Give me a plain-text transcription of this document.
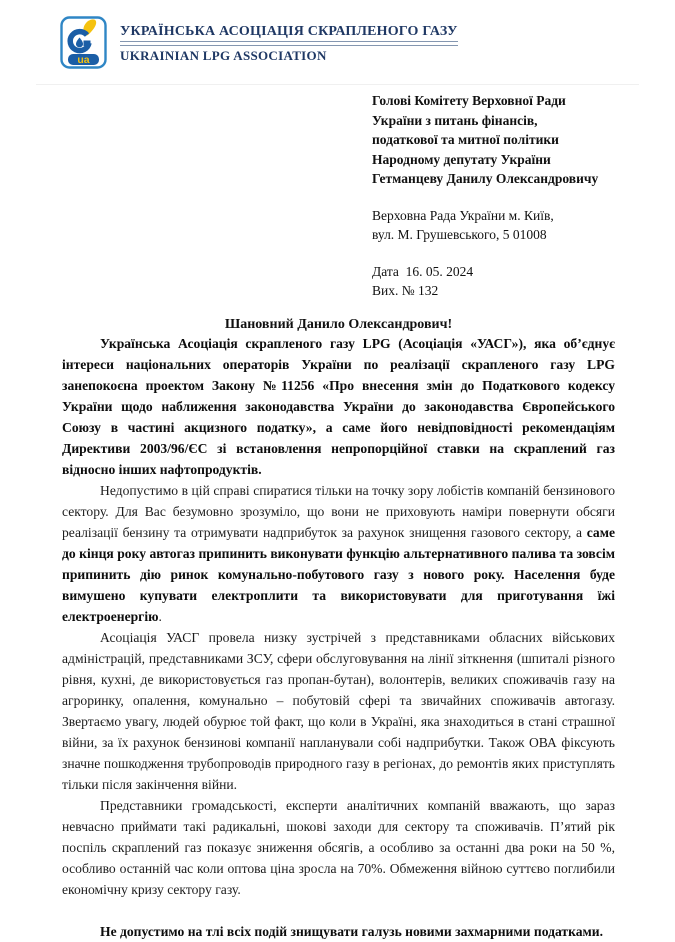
ua
УКРАЇНСЬКА АСОЦІАЦІЯ СКРАПЛЕНОГО ГАЗУ
UKRAINIAN LPG ASSOCIATION
Голові Комітету Верховної Ради
України з питань фінансів,
податкової та митної політики
Народному депутату України
Гетманцеву Данилу Олександровичу
Верховна Рада України м. Київ,
вул. М. Грушевського, 5 01008
Дата  16. 05. 2024
Вих. № 132
Шановний Данило Олександрович!

Українська Асоціація скрапленого газу LPG (Асоціація «УАСГ»), яка об’єднує інтереси національних операторів України по реалізації скрапленого газу LPG занепокоєна проектом Закону №11256 «Про внесення змін до Податкового кодексу України щодо наближення законодавства України до законодавства Європейського Союзу в частині акцизного податку», а саме його невідповідності рекомендаціям Директиви 2003/96/ЄС зі встановлення непропорційної ставки на скраплений газ відносно інших нафтопродуктів.

Недопустимо в цій справі спиратися тільки на точку зору лобістів компаній бензинового сектору. Для Вас безумовно зрозуміло, що вони не приховують наміри повернути обсяги реалізації бензину та отримувати надприбуток за рахунок знищення газового сектору, а саме до кінця року автогаз припинить виконувати функцію альтернативного палива та зовсім припинить дію ринок комунально-побутового газу з нового року. Населення буде вимушено купувати електроплити та використовувати для приготування їжі електроенергію.

Асоціація УАСГ провела низку зустрічей з представниками обласних військових адміністрацій, представниками ЗСУ, сфери обслуговування на лінії зіткнення (шпиталі різного рівня, кухні, де використовується газ пропан-бутан), волонтерів, великих споживачів газу на агроринку, опалення, комунально – побутовій сфері та звичайних споживачів автогазу. Звертаємо увагу, людей обурює той факт, що коли в Україні, яка знаходиться в стані страшної війни, за їх рахунок бензинові компанії напланували собі надприбутки. Також ОВА фіксують значне пошкодження трубопроводів природного газу в регіонах, до ремонтів яких приступлять тільки після закінчення війни.

Представники громадськості, експерти аналітичних компаній вважають, що зараз невчасно приймати такі радикальні, шокові заходи для сектору та споживачів. П’ятий рік поспіль скраплений газ показує зниження обсягів, а особливо за останні два роки на 50 %, особливо останній час коли оптова ціна зросла на 70%. Обмеження війною суттєво поглибили економічну кризу сектору газу.

Не допустимо на тлі всіх подій знищувати галузь новими захмарними податками.
